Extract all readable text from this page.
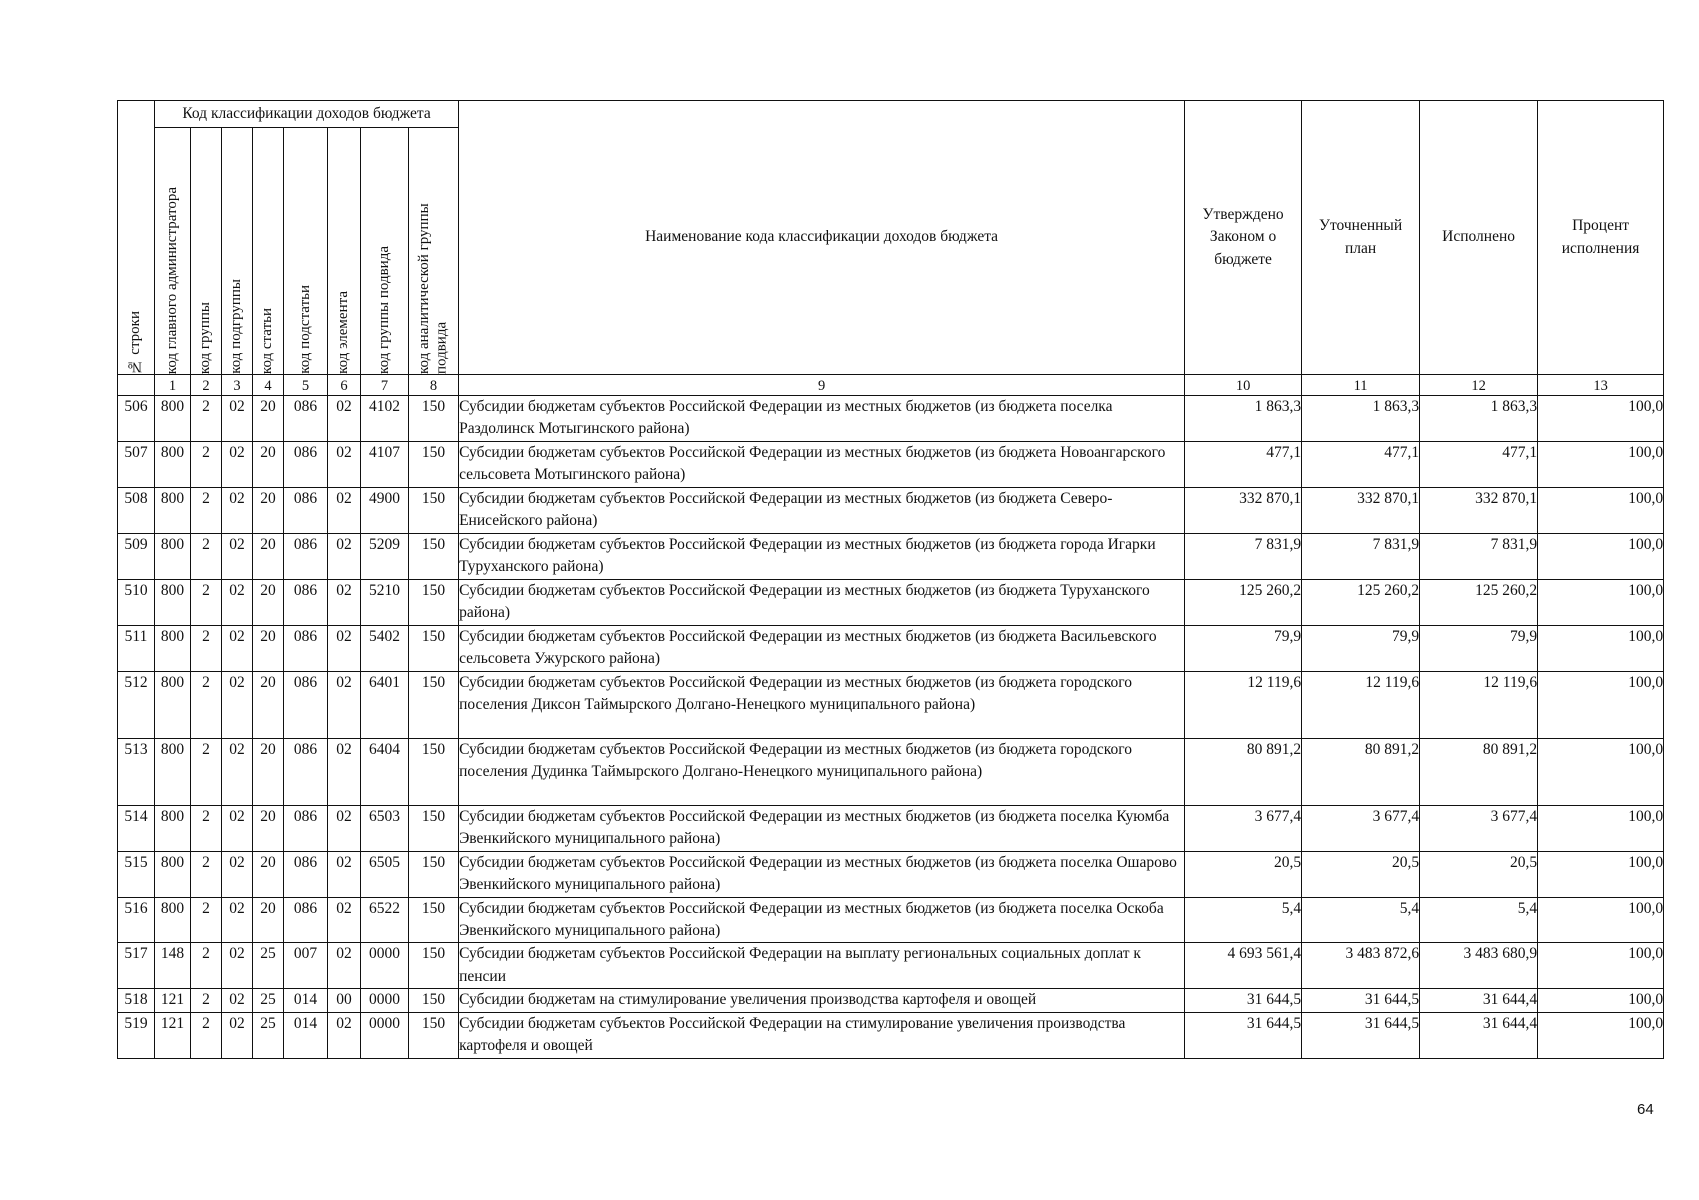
№ строки	Код классификации доходов бюджета								Наименование кода классификации доходов бюджета	Утверждено Законом о бюджете	Уточненный план	Исполнено	Процент исполнения

	код главного администратора	код группы	код подгруппы	код статьи	код подстатьи	код элемента	код группы подвида	код аналитической группы подвида					

	1	2	3	4	5	6	7	8	9	10	11	12	13
506	800	2	02	20	086	02	4102	150	Субсидии бюджетам субъектов Российской Федерации из местных бюджетов (из бюджета поселка Раздолинск Мотыгинского района)	1 863,3	1 863,3	1 863,3	100,0
507	800	2	02	20	086	02	4107	150	Субсидии бюджетам субъектов Российской Федерации из местных бюджетов (из бюджета Новоангарского сельсовета Мотыгинского района)	477,1	477,1	477,1	100,0
508	800	2	02	20	086	02	4900	150	Субсидии бюджетам субъектов Российской Федерации из местных бюджетов (из бюджета Северо-Енисейского района)	332 870,1	332 870,1	332 870,1	100,0
509	800	2	02	20	086	02	5209	150	Субсидии бюджетам субъектов Российской Федерации из местных бюджетов (из бюджета города Игарки Туруханского района)	7 831,9	7 831,9	7 831,9	100,0
510	800	2	02	20	086	02	5210	150	Субсидии бюджетам субъектов Российской Федерации из местных бюджетов (из бюджета Туруханского района)	125 260,2	125 260,2	125 260,2	100,0
511	800	2	02	20	086	02	5402	150	Субсидии бюджетам субъектов Российской Федерации из местных бюджетов (из бюджета Васильевского сельсовета Ужурского района)	79,9	79,9	79,9	100,0
512	800	2	02	20	086	02	6401	150	Субсидии бюджетам субъектов Российской Федерации из местных бюджетов (из бюджета городского поселения Диксон Таймырского Долгано-Ненецкого муниципального района)	12 119,6	12 119,6	12 119,6	100,0
513	800	2	02	20	086	02	6404	150	Субсидии бюджетам субъектов Российской Федерации из местных бюджетов (из бюджета городского поселения Дудинка Таймырского Долгано-Ненецкого муниципального района)	80 891,2	80 891,2	80 891,2	100,0
514	800	2	02	20	086	02	6503	150	Субсидии бюджетам субъектов Российской Федерации из местных бюджетов (из бюджета поселка Куюмба Эвенкийского муниципального района)	3 677,4	3 677,4	3 677,4	100,0
515	800	2	02	20	086	02	6505	150	Субсидии бюджетам субъектов Российской Федерации из местных бюджетов (из бюджета поселка Ошарово Эвенкийского муниципального района)	20,5	20,5	20,5	100,0
516	800	2	02	20	086	02	6522	150	Субсидии бюджетам субъектов Российской Федерации из местных бюджетов (из бюджета поселка Оскоба Эвенкийского муниципального района)	5,4	5,4	5,4	100,0
517	148	2	02	25	007	02	0000	150	Субсидии бюджетам субъектов Российской Федерации на выплату региональных социальных доплат к пенсии	4 693 561,4	3 483 872,6	3 483 680,9	100,0
518	121	2	02	25	014	00	0000	150	Субсидии бюджетам на стимулирование увеличения производства картофеля и овощей	31 644,5	31 644,5	31 644,4	100,0
519	121	2	02	25	014	02	0000	150	Субсидии бюджетам субъектов Российской Федерации на стимулирование увеличения производства картофеля и овощей	31 644,5	31 644,5	31 644,4	100,0
64
